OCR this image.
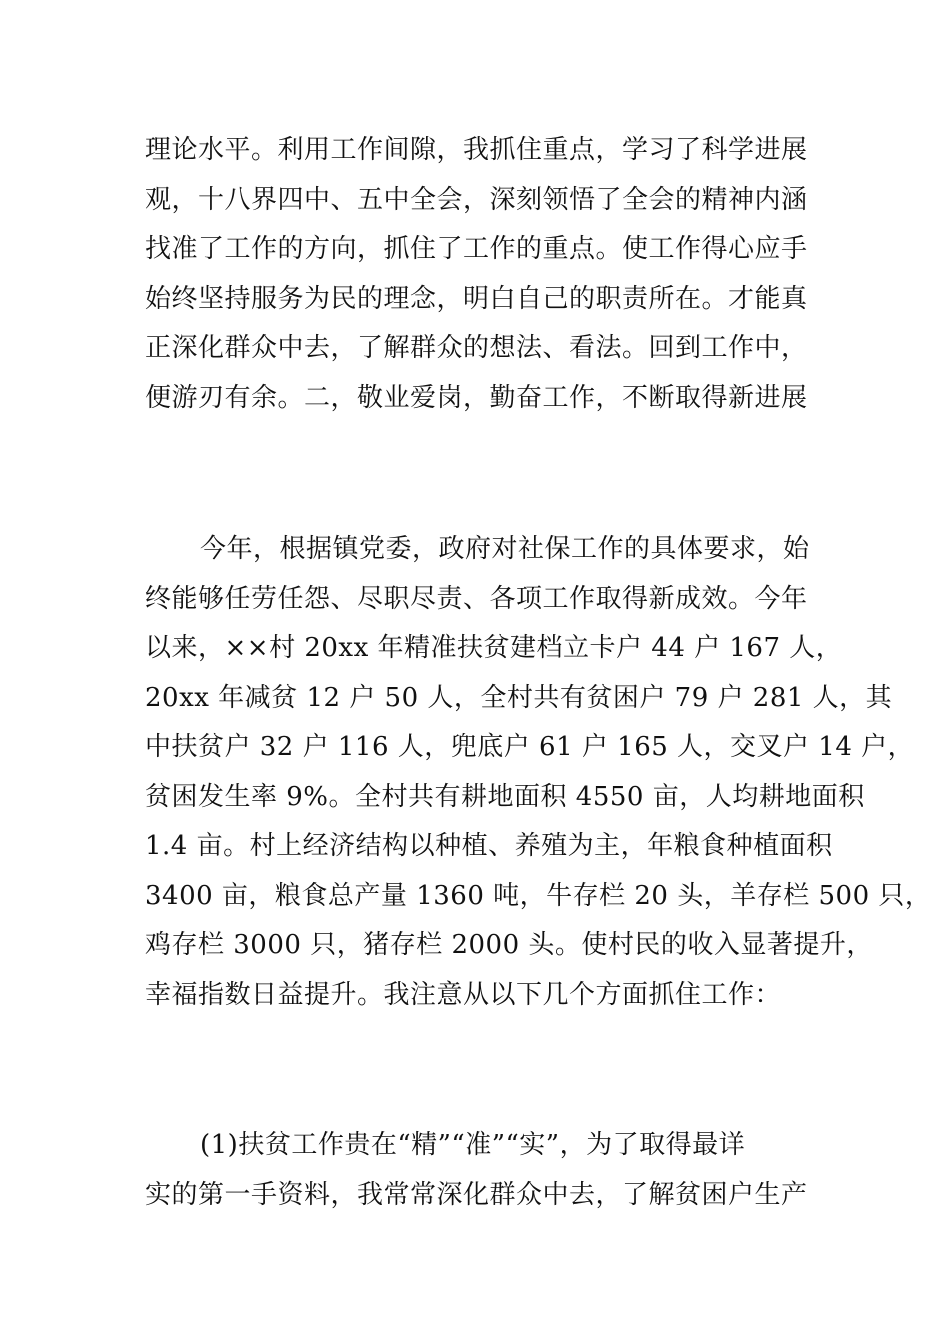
理论水平。利用工作间隙，我抓住重点，学习了科学进展
观，十八界四中、五中全会，深刻领悟了全会的精神内涵
找准了工作的方向，抓住了工作的重点。使工作得心应手
始终坚持服务为民的理念，明白自己的职责所在。才能真
正深化群众中去，了解群众的想法、看法。回到工作中，
便游刃有余。二，敬业爱岗，勤奋工作，不断取得新进展
今年，根据镇党委，政府对社保工作的具体要求，始
终能够任劳任怨、尽职尽责、各项工作取得新成效。今年
以来，××村 20xx 年精准扶贫建档立卡户 44 户 167 人，
20xx 年减贫 12 户 50 人，全村共有贫困户 79 户 281 人，其
中扶贫户 32 户 116 人，兜底户 61 户 165 人，交叉户 14 户，
贫困发生率 9%。全村共有耕地面积 4550 亩，人均耕地面积
1.4 亩。村上经济结构以种植、养殖为主，年粮食种植面积
3400 亩，粮食总产量 1360 吨，牛存栏 20 头，羊存栏 500 只，
鸡存栏 3000 只，猪存栏 2000 头。使村民的收入显著提升，
幸福指数日益提升。我注意从以下几个方面抓住工作：
(1)扶贫工作贵在“精”“准”“实”，为了取得最详
实的第一手资料，我常常深化群众中去，了解贫困户生产
